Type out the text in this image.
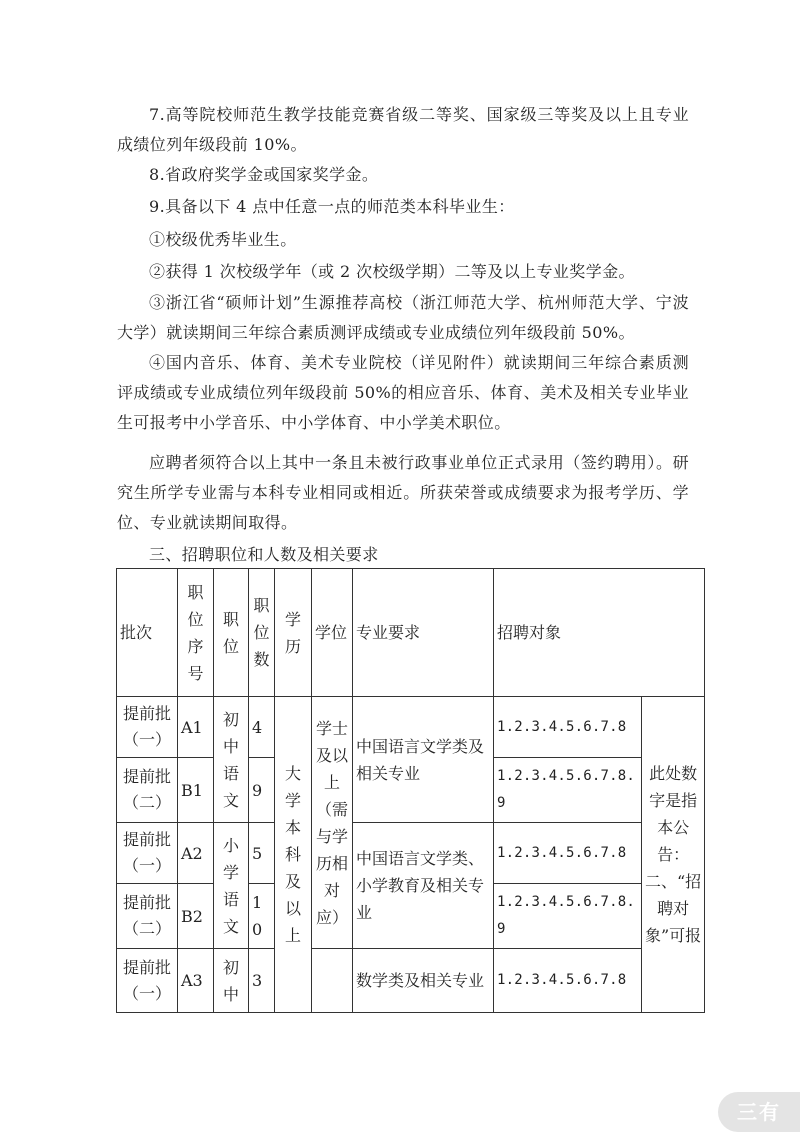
7.高等院校师范生教学技能竞赛省级二等奖、国家级三等奖及以上且专业成绩位列年级段前 10%。

8.省政府奖学金或国家奖学金。

9.具备以下 4 点中任意一点的师范类本科毕业生：

①校级优秀毕业生。

②获得 1 次校级学年（或 2 次校级学期）二等及以上专业奖学金。

③浙江省“硕师计划”生源推荐高校（浙江师范大学、杭州师范大学、宁波大学）就读期间三年综合素质测评成绩或专业成绩位列年级段前 50%。

④国内音乐、体育、美术专业院校（详见附件）就读期间三年综合素质测评成绩或专业成绩位列年级段前 50%的相应音乐、体育、美术及相关专业毕业生可报考中小学音乐、中小学体育、中小学美术职位。

应聘者须符合以上其中一条且未被行政事业单位正式录用（签约聘用）。研究生所学专业需与本科专业相同或相近。所获荣誉或成绩要求为报考学历、学位、专业就读期间取得。

三、招聘职位和人数及相关要求

批次	职位序号	职位	职位数	学历	学位	专业要求	招聘对象	
提前批（一）	A1	初中语文	4	大学本科及以上	学士及以上（需与学历相对应）	中国语言文学类及相关专业	1.2.3.4.5.6.7.8	此处数字是指本公告：二、“招聘对象”可报
提前批（二）	B1		9				1.2.3.4.5.6.7.8.9	
提前批（一）	A2	小学语文	5			中国语言文学类、小学教育及相关专业	1.2.3.4.5.6.7.8	
提前批（二）	B2		10				1.2.3.4.5.6.7.8.9	
提前批（一）	A3	初中	3			数学类及相关专业	1.2.3.4.5.6.7.8	
三有
